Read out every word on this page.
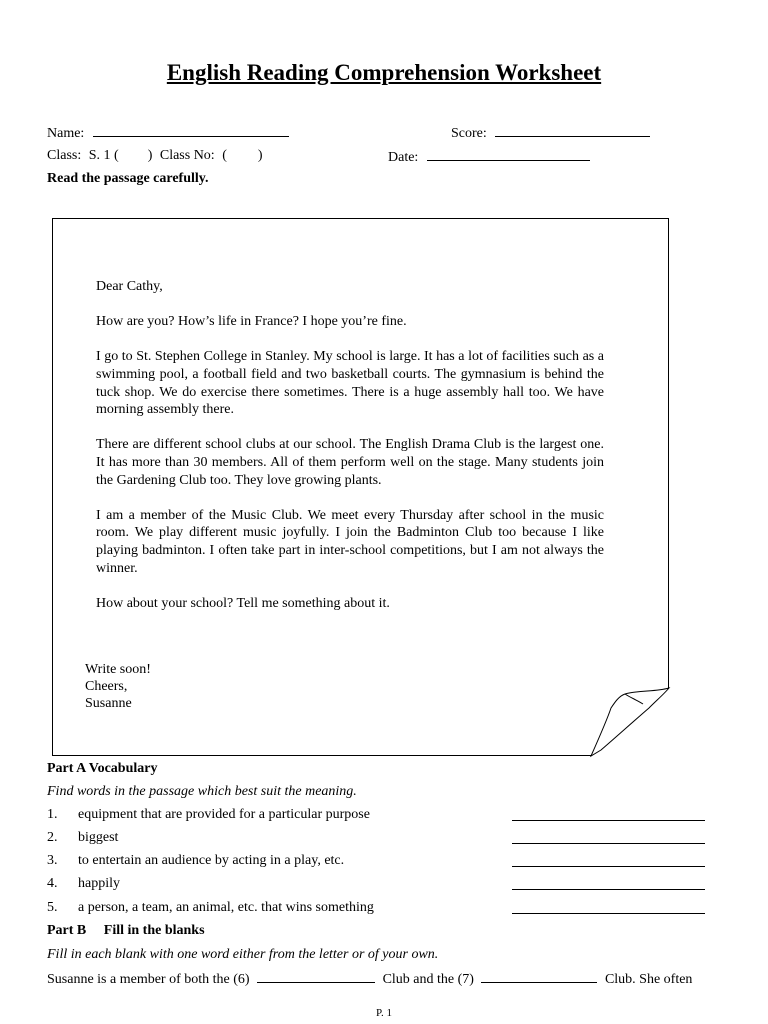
English Reading Comprehension Worksheet
Name:	Score:
Class: S. 1 ( ) Class No: ( )	Date:
Read the passage carefully.

Dear Cathy,

How are you? How’s life in France? I hope you’re fine.

I go to St. Stephen College in Stanley. My school is large. It has a lot of facilities such as a swimming pool, a football field and two basketball courts. The gymnasium is behind the tuck shop. We do exercise there sometimes. There is a huge assembly hall too. We have morning assembly there.

There are different school clubs at our school. The English Drama Club is the largest one. It has more than 30 members. All of them perform well on the stage. Many students join the Gardening Club too. They love growing plants.

I am a member of the Music Club. We meet every Thursday after school in the music room. We play different music joyfully. I join the Badminton Club too because I like playing badminton. I often take part in inter-school competitions, but I am not always the winner.

How about your school? Tell me something about it.

Write soon!
Cheers,
Susanne
Part A Vocabulary
Find words in the passage which best suit the meaning.
1. equipment that are provided for a particular purpose
2. biggest
3. to entertain an audience by acting in a play, etc.
4. happily
5. a person, a team, an animal, etc. that wins something
Part B Fill in the blanks
Fill in each blank with one word either from the letter or of your own.
Susanne is a member of both the (6)	Club and the (7)	Club. She often
P. 1
